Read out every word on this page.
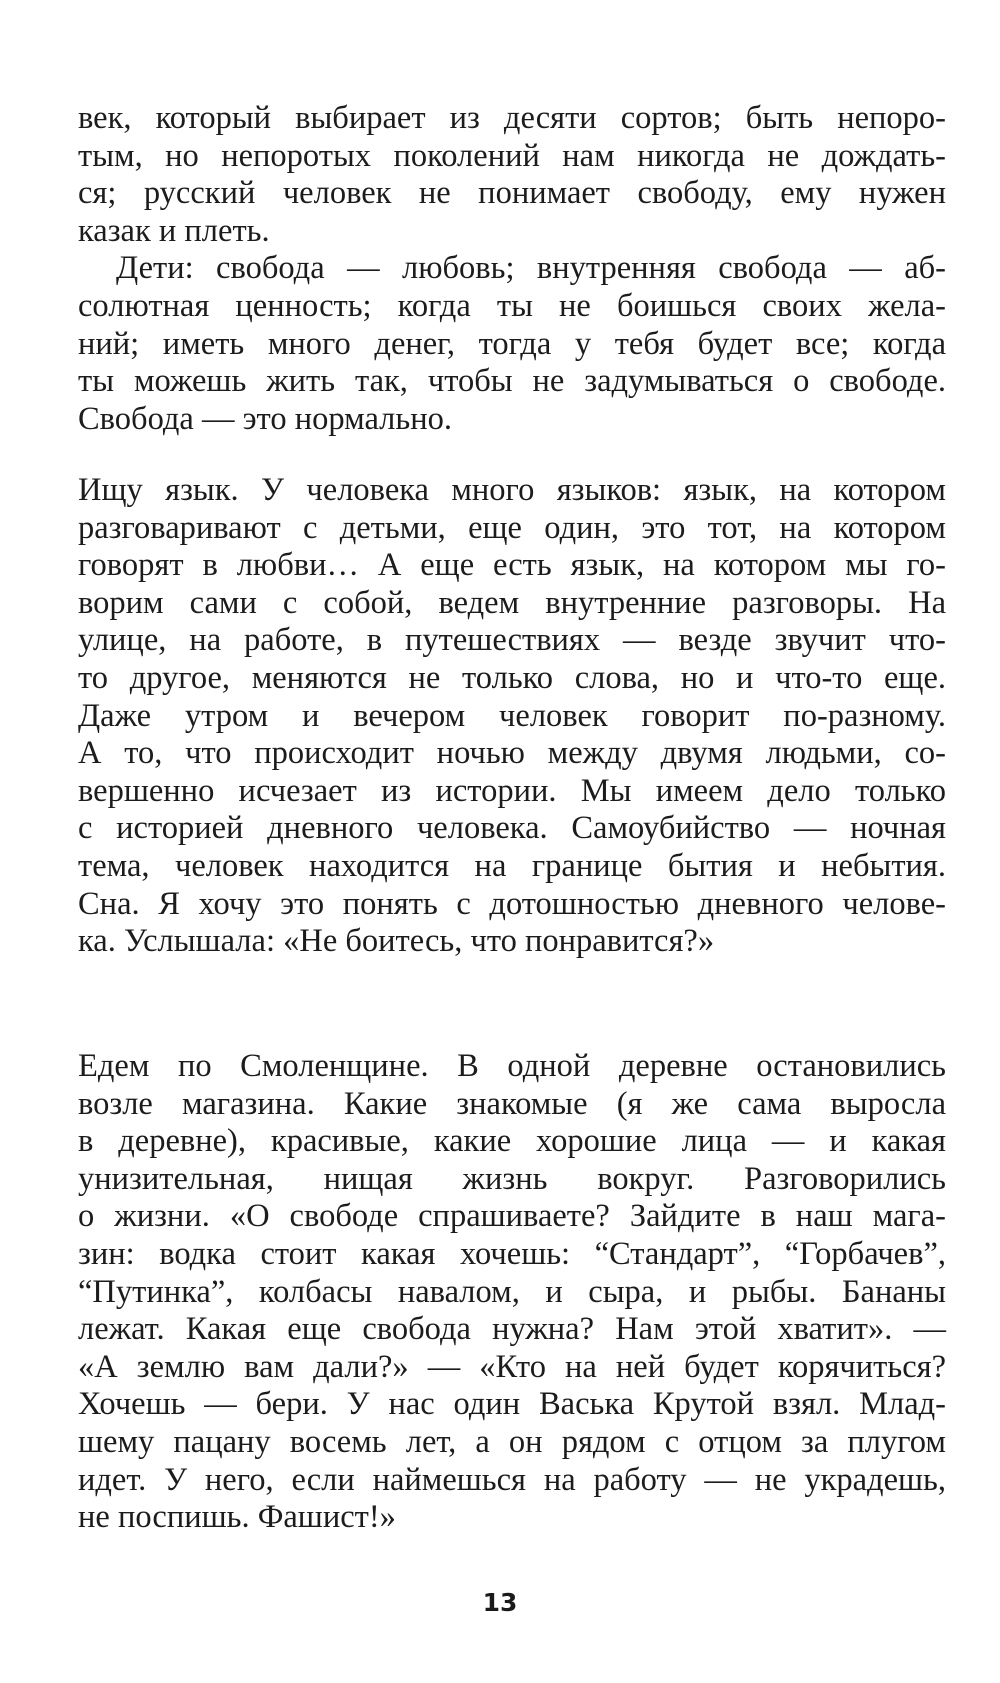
век, который выбирает из десяти сортов; быть непоро-
тым, но непоротых поколений нам никогда не дождать-
ся; русский человек не понимает свободу, ему нужен
казак и плеть.
Дети: свобода — любовь; внутренняя свобода — аб-
солютная ценность; когда ты не боишься своих жела-
ний; иметь много денег, тогда у тебя будет все; когда
ты можешь жить так, чтобы не задумываться о свободе.
Свобода — это нормально.
Ищу язык. У человека много языков: язык, на котором
разговаривают с детьми, еще один, это тот, на котором
говорят в любви… А еще есть язык, на котором мы го-
ворим сами с собой, ведем внутренние разговоры. На
улице, на работе, в путешествиях — везде звучит что-
то другое, меняются не только слова, но и что-то еще.
Даже утром и вечером человек говорит по-разному.
А то, что происходит ночью между двумя людьми, со-
вершенно исчезает из истории. Мы имеем дело только
с историей дневного человека. Самоубийство — ночная
тема, человек находится на границе бытия и небытия.
Сна. Я хочу это понять с дотошностью дневного челове-
ка. Услышала: «Не боитесь, что понравится?»
Едем по Смоленщине. В одной деревне остановились
возле магазина. Какие знакомые (я же сама выросла
в деревне), красивые, какие хорошие лица — и какая
унизительная, нищая жизнь вокруг. Разговорились
о жизни. «О свободе спрашиваете? Зайдите в наш мага-
зин: водка стоит какая хочешь: “Стандарт”, “Горбачев”,
“Путинка”, колбасы навалом, и сыра, и рыбы. Бананы
лежат. Какая еще свобода нужна? Нам этой хватит». —
«А землю вам дали?» — «Кто на ней будет корячиться?
Хочешь — бери. У нас один Васька Крутой взял. Млад-
шему пацану восемь лет, а он рядом с отцом за плугом
идет. У него, если наймешься на работу — не украдешь,
не поспишь. Фашист!»
13
